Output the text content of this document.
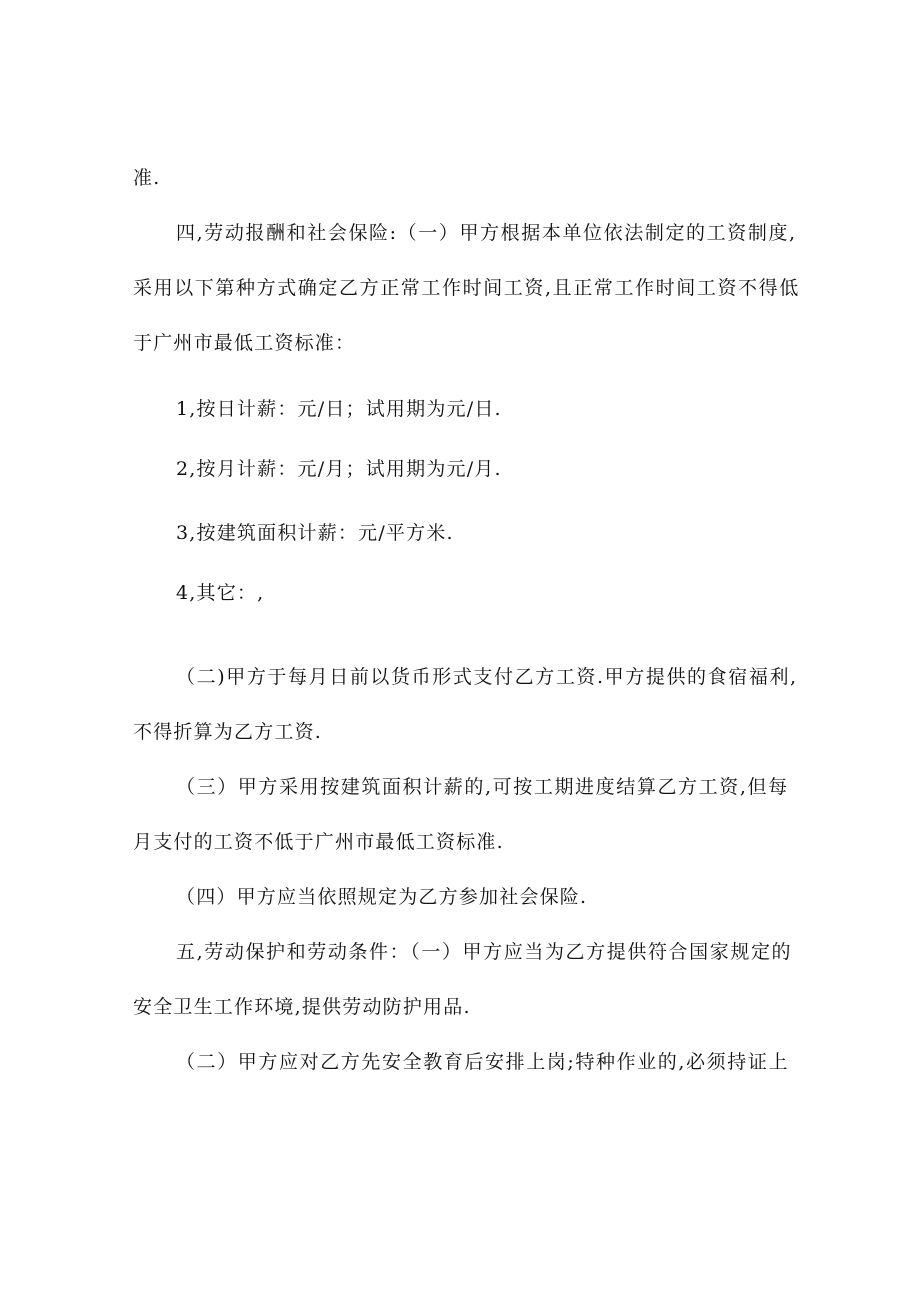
准.
四,劳动报酬和社会保险:（一）甲方根据本单位依法制定的工资制度,
采用以下第种方式确定乙方正常工作时间工资,且正常工作时间工资不得低
于广州市最低工资标准：
1,按日计薪：元/日；试用期为元/日.
2,按月计薪：元/月；试用期为元/月.
3,按建筑面积计薪：元/平方米.
4,其它：,
（二)甲方于每月日前以货币形式支付乙方工资.甲方提供的食宿福利,
不得折算为乙方工资.
（三）甲方采用按建筑面积计薪的,可按工期进度结算乙方工资,但每
月支付的工资不低于广州市最低工资标准.
（四）甲方应当依照规定为乙方参加社会保险.
五,劳动保护和劳动条件：（一）甲方应当为乙方提供符合国家规定的
安全卫生工作环境,提供劳动防护用品.
（二）甲方应对乙方先安全教育后安排上岗;特种作业的,必须持证上
